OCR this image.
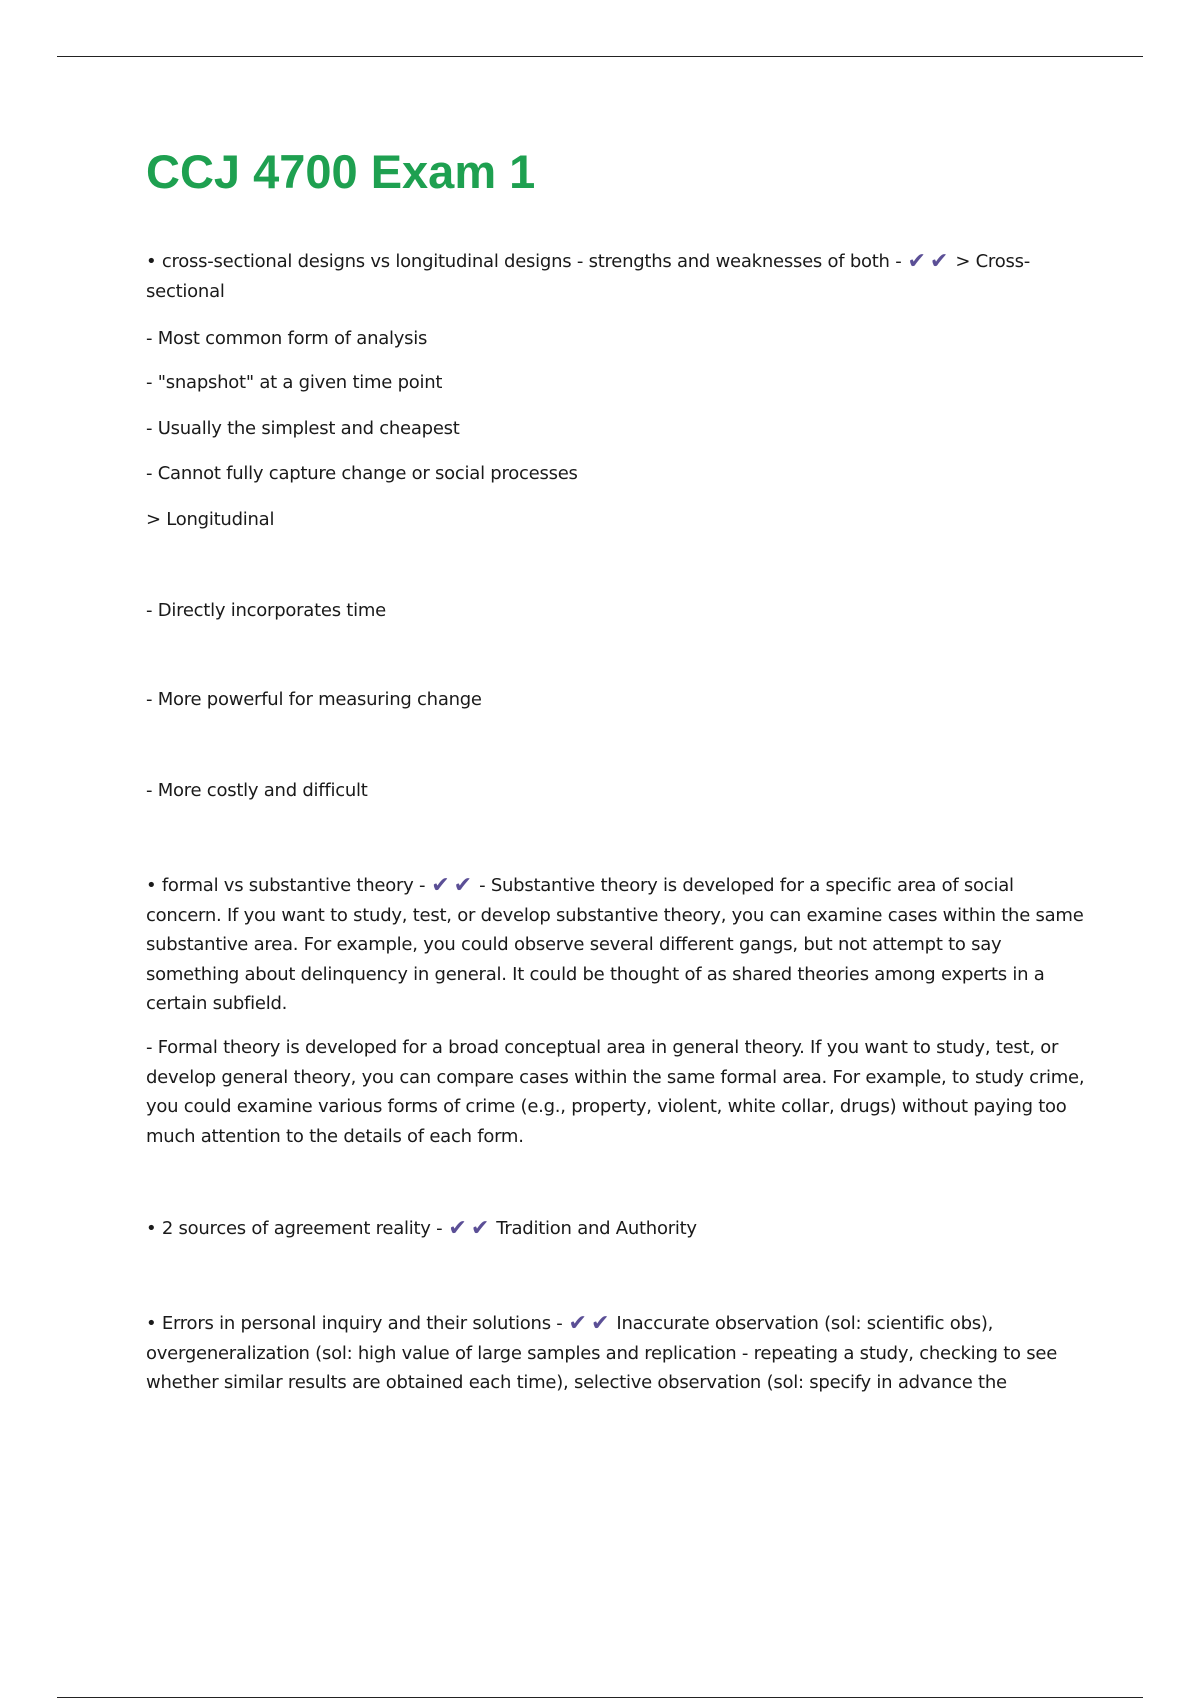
CCJ 4700 Exam 1

• cross-sectional designs vs longitudinal designs - strengths and weaknesses of both - ✔✔ > Cross-sectional

- Most common form of analysis

- "snapshot" at a given time point

- Usually the simplest and cheapest

- Cannot fully capture change or social processes

> Longitudinal

- Directly incorporates time

- More powerful for measuring change

- More costly and difficult

• formal vs substantive theory - ✔✔ - Substantive theory is developed for a specific area of social concern. If you want to study, test, or develop substantive theory, you can examine cases within the same substantive area. For example, you could observe several different gangs, but not attempt to say something about delinquency in general. It could be thought of as shared theories among experts in a certain subfield.

- Formal theory is developed for a broad conceptual area in general theory. If you want to study, test, or develop general theory, you can compare cases within the same formal area. For example, to study crime, you could examine various forms of crime (e.g., property, violent, white collar, drugs) without paying too much attention to the details of each form.

• 2 sources of agreement reality - ✔✔ Tradition and Authority

• Errors in personal inquiry and their solutions - ✔✔ Inaccurate observation (sol: scientific obs), overgeneralization (sol: high value of large samples and replication - repeating a study, checking to see whether similar results are obtained each time), selective observation (sol: specify in advance the
